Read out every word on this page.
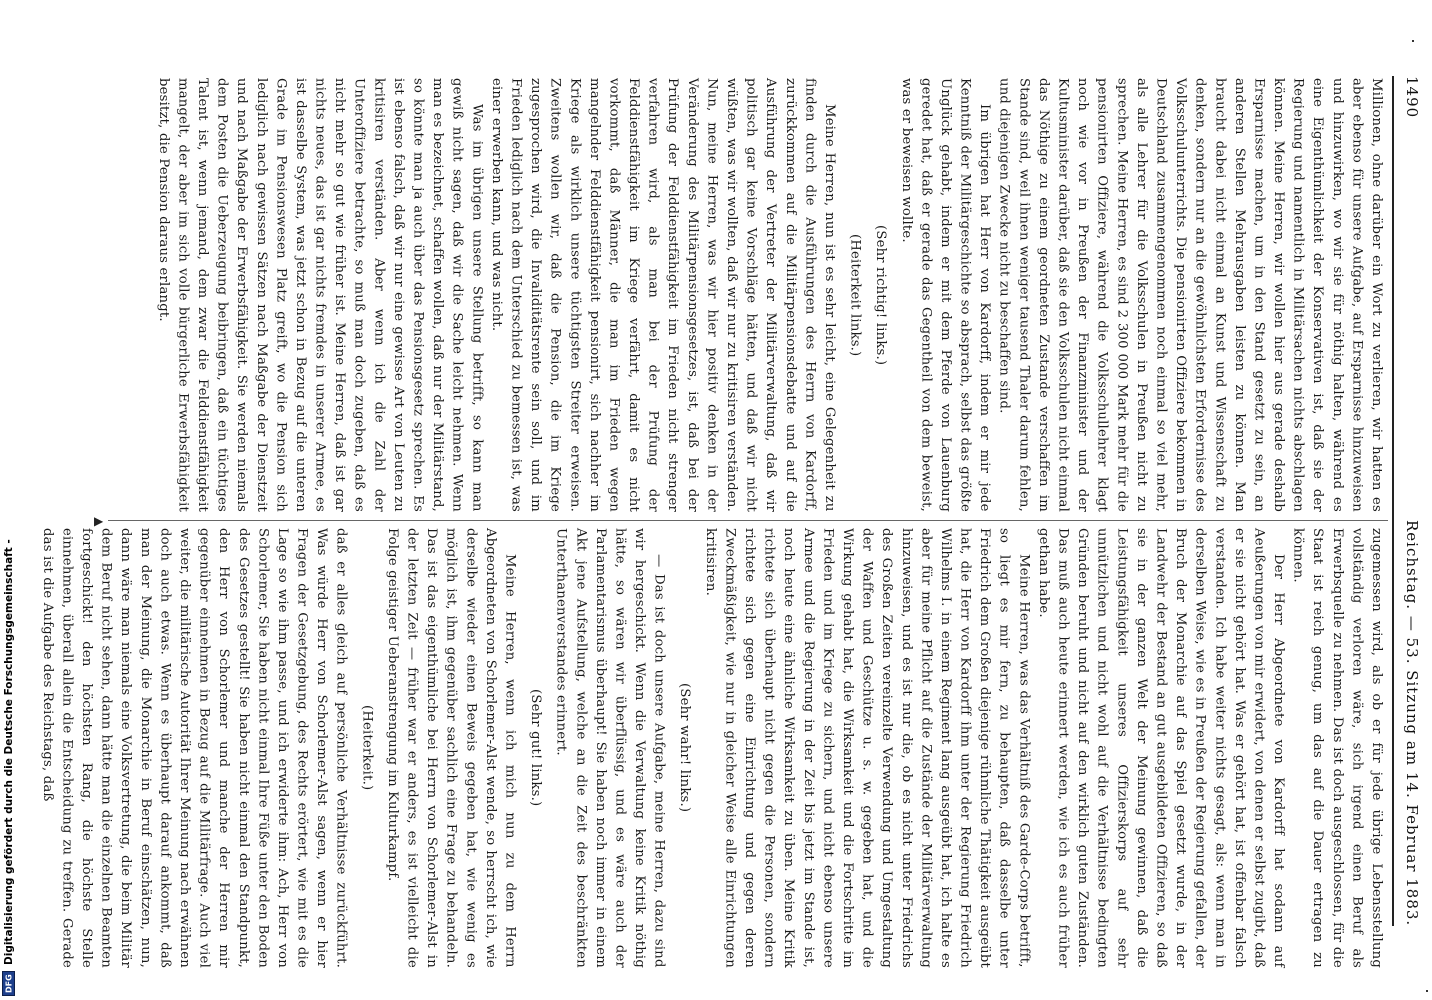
1490
Reichstag. — 53. Sitzung am 14. Februar 1883.

Millionen, ohne darüber ein Wort zu verlieren, wir hatten es aber ebenso für unsere Aufgabe, auf Ersparnisse hinzuweisen und hinzuwirken, wo wir sie für nöthig halten, während es eine Eigenthümlichkeit der Konservativen ist, daß sie der Regierung und namentlich in Militärsachen nichts abschlagen können. Meine Herren, wir wollen hier aus gerade deshalb Ersparnisse machen, um in den Stand gesetzt zu sein, an anderen Stellen Mehrausgaben leisten zu können. Man braucht dabei nicht einmal an Kunst und Wissenschaft zu denken, sondern nur an die gewöhnlichsten Erfordernisse des Volksschulunterrichts. Die pensionirten Offiziere bekommen in Deutschland zusammengenommen noch einmal so viel mehr, als alle Lehrer für die Volksschulen in Preußen nicht zu sprechen. Meine Herren, es sind 2 300 000 Mark mehr für die pensionirten Offiziere, während die Volksschullehrer klagt noch wie vor in Preußen der Finanzminister und der Kultusminister darüber, daß sie den Volksschulen nicht einmal das Nöthige zu einem geordneten Zustande verschaffen im Stande sind, weil ihnen weniger tausend Thaler darum fehlen, und diejenigen Zwecke nicht zu beschaffen sind.

Im übrigen hat Herr von Kardorff, indem er mir jede Kenntniß der Militärgeschichte so absprach, selbst das größte Unglück gehabt, indem er mit dem Pferde von Lauenburg geredet hat, daß er gerade das Gegentheil von dem beweist, was er beweisen wollte.

(Sehr richtig! links.)

(Heiterkeit links.)

Meine Herren, nun ist es sehr leicht, eine Gelegenheit zu finden durch die Ausführungen des Herrn von Kardorff, zurückkommen auf die Militärpensionsdebatte und auf die Ausführung der Vertreter der Militärverwaltung, daß wir politisch gar keine Vorschläge hätten, und daß wir nicht wüßten, was wir wollten, daß wir nur zu kritisiren verständen. Nun, meine Herren, was wir hier positiv denken in der Veränderung des Militärpensionsgesetzes, ist, daß bei der Prüfung der Felddienstfähigkeit im Frieden nicht strenger verfahren wird, als man bei der Prüfung der Felddienstfähigkeit im Kriege verfährt, damit es nicht vorkommt, daß Männer, die man im Frieden wegen mangelnder Felddienstfähigkeit pensionirt, sich nachher im Kriege als wirklich unsere tüchtigsten Streiter erweisen. Zweitens wollen wir, daß die Pension, die im Kriege zugesprochen wird, die Invaliditätsrente sein soll, und im Frieden lediglich nach dem Unterschied zu bemessen ist, was einer erwerben kann, und was nicht.

Was im übrigen unsere Stellung betrifft, so kann man gewiß nicht sagen, daß wir die Sache leicht nehmen. Wenn man es bezeichnet, schaffen wollen, daß nur der Militärstand, so könnte man ja auch über das Pensionsgesetz sprechen. Es ist ebenso falsch, daß wir nur eine gewisse Art von Leuten zu kritisiren verständen. Aber wenn ich die Zahl der Unteroffiziere betrachte, so muß man doch zugeben, daß es nicht mehr so gut wie früher ist. Meine Herren, daß ist gar nichts neues, das ist gar nichts fremdes in unserer Armee, es ist dasselbe System, was jetzt schon in Bezug auf die unteren Grade im Pensionswesen Platz greift, wo die Pension sich lediglich nach gewissen Sätzen nach Maßgabe der Dienstzeit und nach Maßgabe der Erwerbsfähigkeit. Sie werden niemals dem Posten die Ueberzeugung beibringen, daß ein tüchtiges Talent ist, wenn jemand, dem zwar die Felddienstfähigkeit mangelt, der aber im sich volle bürgerliche Erwerbsfähigkeit besitzt, die Pension daraus erlangt.

▶

zugemessen wird, als ob er für jede übrige Lebensstellung vollständig verloren wäre, sich irgend einen Beruf als Erwerbsquelle zu nehmen. Das ist doch ausgeschlossen, für die Staat ist reich genug, um das auf die Dauer ertragen zu können.

Der Herr Abgeordnete von Kardorff hat sodann auf Aeußerungen von mir erwidert, von denen er selbst zugibt, daß er sie nicht gehört hat. Was er gehört hat, ist offenbar falsch verstanden. Ich habe weiter nichts gesagt, als: wenn man in derselben Weise, wie es in Preußen der Regierung gefallen, der Bruch der Monarchie auf das Spiel gesetzt wurde, in der Landwehr der Bestand an gut ausgebildeten Offizieren, so daß sie in der ganzen Welt der Meinung gewinnen, daß die Leistungsfähigkeit unseres Offizierskorps auf sehr unnützlichen und nicht wohl auf die Verhältnisse bedingten Gründen beruht und nicht auf den wirklich guten Zuständen. Das muß auch heute erinnert werden, wie ich es auch früher gethan habe.

Meine Herren, was das Verhältniß des Garde-Corps betrifft, so liegt es mir fern, zu behaupten, daß dasselbe unter Friedrich dem Großen diejenige rühmliche Thätigkeit ausgeübt hat, die Herr von Kardorff ihm unter der Regierung Friedrich Wilhelms I. in einem Regiment lang ausgeübt hat, ich halte es aber für meine Pflicht auf die Zustände der Militärverwaltung hinzuweisen, und es ist nur die, ob es nicht unter Friedrichs des Großen Zeiten vereinzelte Verwendung und Umgestaltung der Waffen und Geschütze u. s. w. gegeben hat, und die Wirkung gehabt hat, die Wirksamkeit und die Fortschritte im Frieden und im Kriege zu sichern, und nicht ebenso unsere Armee und die Regierung in der Zeit bis jetzt im Stande ist, noch heute eine ähnliche Wirksamkeit zu üben. Meine Kritik richtete sich überhaupt nicht gegen die Personen, sondern richtete sich gegen eine Einrichtung und gegen deren Zweckmäßigkeit, wie nur in gleicher Weise alle Einrichtungen kritisiren.

(Sehr wahr! links.)

— Das ist doch unsere Aufgabe, meine Herren, dazu sind wir hergeschickt. Wenn die Verwaltung keine Kritik nöthig hätte, so wären wir überflüssig, und es wäre auch der Parlamentarismus überhaupt! Sie haben noch immer in einem Akt jene Aufstellung, welche an die Zeit des beschränkten Unterthanenverstandes erinnert.

(Sehr gut! links.)

Meine Herren, wenn ich mich nun zu dem Herrn Abgeordneten von Schorlemer-Alst wende, so herrscht ich, wie derselbe wieder einen Beweis gegeben hat, wie wenig es möglich ist, ihm gegenüber sachlich eine Frage zu behandeln. Das ist das eigenthümliche bei Herrn von Schorlemer-Alst in der letzten Zeit — früher war er anders, es ist vielleicht die Folge geistiger Ueberanstrengung im Kulturkampf.

(Heiterkeit.)

daß er alles gleich auf persönliche Verhältnisse zurückführt. Was würde Herr von Schorlemer-Alst sagen, wenn er hier Fragen der Gesetzgebung, des Rechts erörtert, wie mit es die Lage so wie ihm passe, und ich erwiderte ihm: Ach, Herr von Schorlemer, Sie haben nicht einmal Ihre Füße unter den Boden des Gesetzes gestellt! Sie haben nicht einmal den Standpunkt, den Herr von Schorlemer und manche der Herren mir gegenüber einnehmen in Bezug auf die Militärfrage. Auch viel weiter, die militärische Autorität Ihrer Meinung nach erwähnen doch auch etwas. Wenn es überhaupt darauf ankommt, daß man der Meinung, die Monarchie in Beruf einschätzen, nun, dann wäre man niemals eine Volksvertretung, die beim Militär dem Beruf nicht sehen, dann hätte man die einzelnen Beamten fortgeschickt! den höchsten Rang, die höchste Stelle einnehmen, überall allein die Entscheidung zu treffen. Gerade das ist die Aufgabe des Reichstags, daß

DFG
Digitalisierung gefördert durch die Deutsche Forschungsgemeinschaft -
